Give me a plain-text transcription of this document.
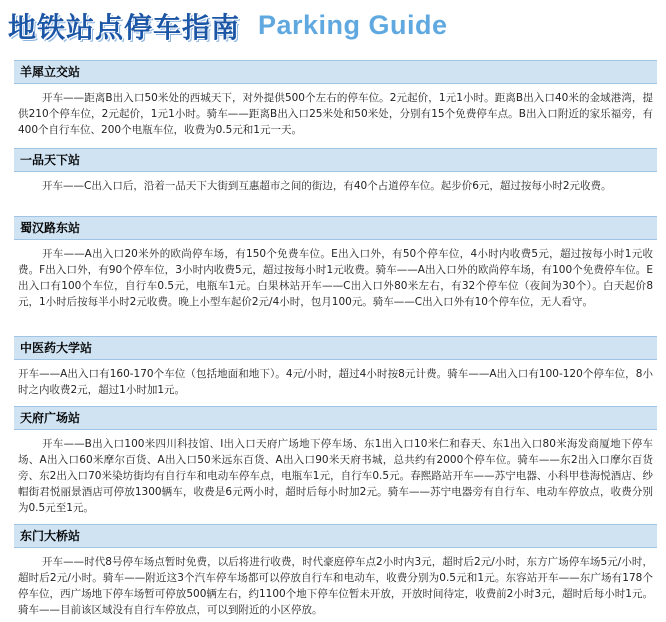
地铁站点停车指南 Parking Guide
羊犀立交站
开车——距离B出入口50米处的西城天下，对外提供500个左右的停车位。2元起价，1元1小时。距离B出入口40米的金域港湾，提供210个停车位，2元起价，1元1小时。骑车——距离B出入口25米处和50米处，分别有15个免费停车点。B出入口附近的家乐福旁，有400个自行车位、200个电瓶车位，收费为0.5元和1元一天。
一品天下站
开车——C出入口后，沿着一品天下大街到互惠超市之间的街边，有40个占道停车位。起步价6元，超过按每小时2元收费。
蜀汉路东站
开车——A出入口20米外的欧尚停车场，有150个免费车位。E出入口外，有50个停车位，4小时内收费5元，超过按每小时1元收费。F出入口外，有90个停车位，3小时内收费5元，超过按每小时1元收费。骑车——A出入口外的欧尚停车场，有100个免费停车位。E出入口有100个车位，自行车0.5元，电瓶车1元。白果林站开车——C出入口外80米左右，有32个停车位（夜间为30个）。白天起价8元，1小时后按每半小时2元收费。晚上小型车起价2元/4小时，包月100元。骑车——C出入口外有10个停车位，无人看守。
中医药大学站
开车——A出入口有160-170个车位（包括地面和地下）。4元/小时，超过4小时按8元计费。骑车——A出入口有100-120个停车位，8小时之内收费2元，超过1小时加1元。
天府广场站
开车——B出入口100米四川科技馆、I出入口天府广场地下停车场、东1出入口10米仁和春天、东1出入口80米海发商厦地下停车场、A出入口60米摩尔百货、A出入口50米远东百货、A出入口90米天府书城，总共约有2000个停车位。骑车——东2出入口摩尔百货旁、东2出入口70米染坊街均有自行车和电动车停车点，电瓶车1元，自行车0.5元。春熙路站开车——苏宁电器、小科甲巷海悦酒店、纱帽街君悦丽景酒店可停放1300辆车，收费是6元两小时，超时后每小时加2元。骑车——苏宁电器旁有自行车、电动车停放点，收费分别为0.5元至1元。
东门大桥站
开车——时代8号停车场点暂时免费，以后将进行收费，时代豪庭停车点2小时内3元，超时后2元/小时，东方广场停车场5元/小时，超时后2元/小时。骑车——附近这3个汽车停车场都可以停放自行车和电动车，收费分别为0.5元和1元。东容站开车——东广场有178个停车位，西广场地下停车场暂可停放500辆左右，约1100个地下停车位暂未开放，开放时间待定，收费前2小时3元，超时后每小时1元。骑车——目前该区域没有自行车停放点，可以到附近的小区停放。
